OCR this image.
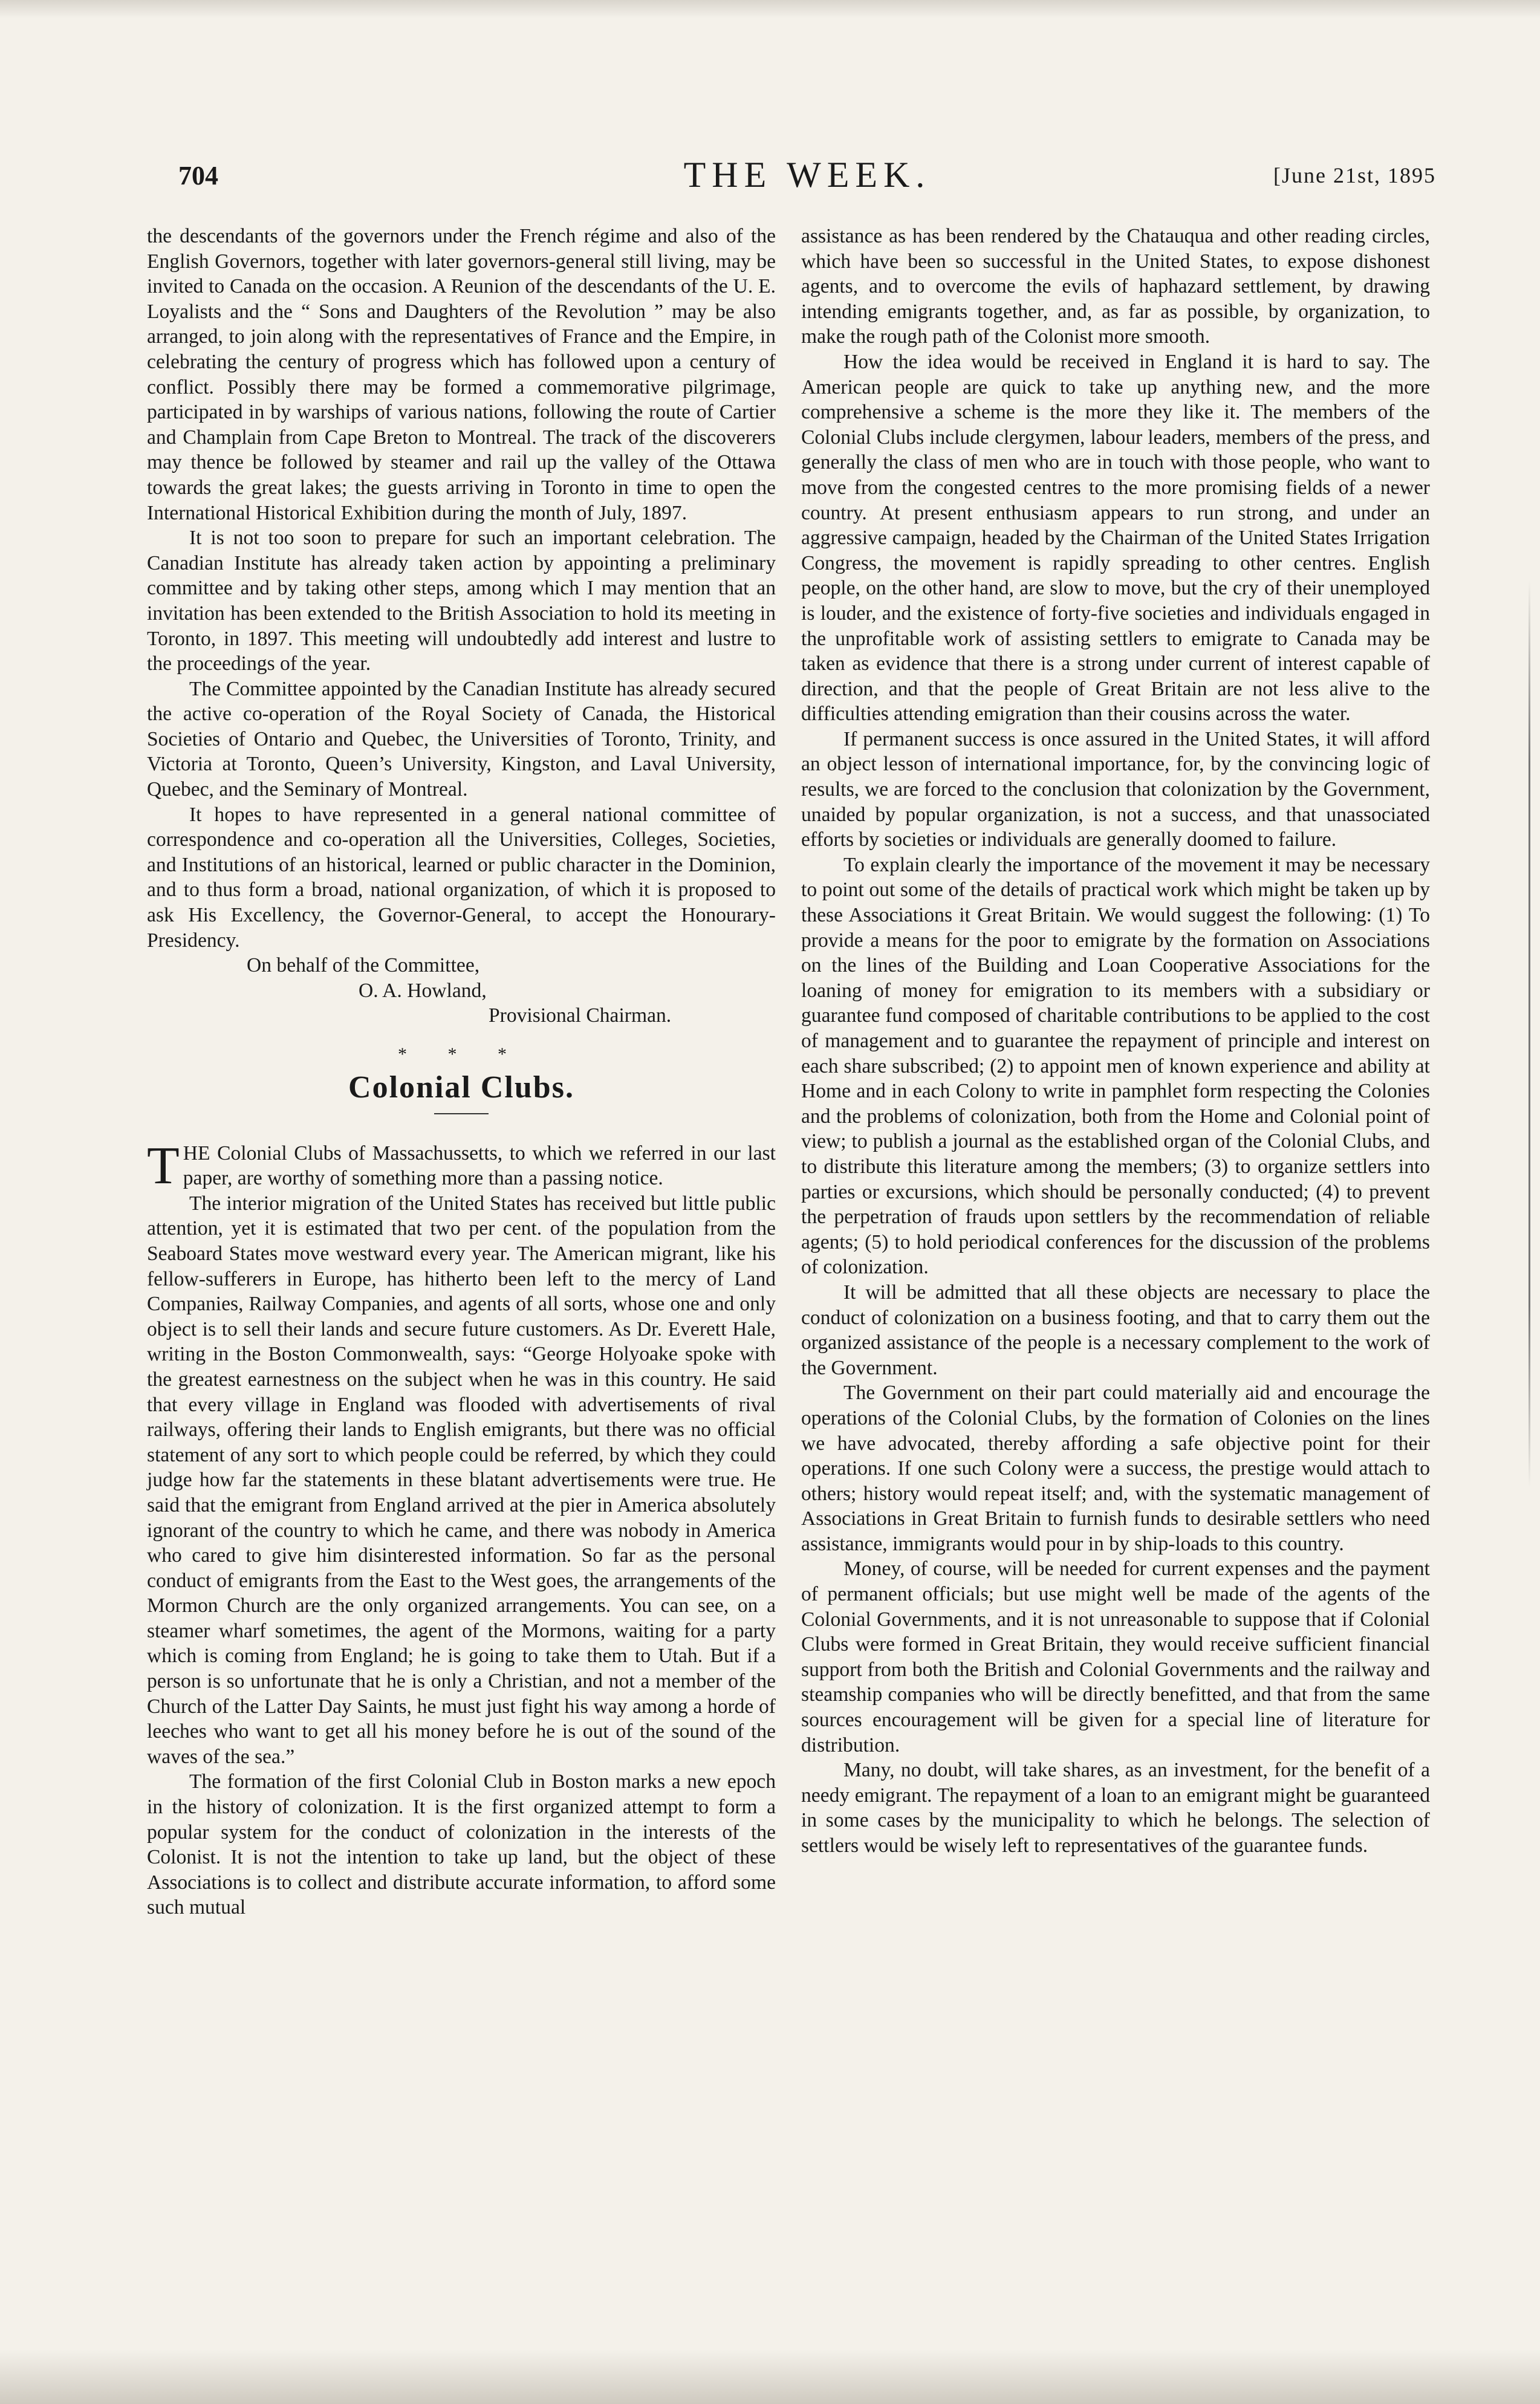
704	THE WEEK.	[June 21st, 1895

the descendants of the governors under the French régime and also of the English Governors, together with later governors-general still living, may be invited to Canada on the occasion. A Reunion of the descendants of the U. E. Loyalists and the “ Sons and Daughters of the Revolution ” may be also arranged, to join along with the representatives of France and the Empire, in celebrating the century of progress which has followed upon a century of conflict. Possibly there may be formed a commemorative pilgrimage, participated in by warships of various nations, following the route of Cartier and Champlain from Cape Breton to Montreal. The track of the discoverers may thence be followed by steamer and rail up the valley of the Ottawa towards the great lakes; the guests arriving in Toronto in time to open the International Historical Exhibition during the month of July, 1897.

It is not too soon to prepare for such an important celebration. The Canadian Institute has already taken action by appointing a preliminary committee and by taking other steps, among which I may mention that an invitation has been extended to the British Association to hold its meeting in Toronto, in 1897. This meeting will undoubtedly add interest and lustre to the proceedings of the year.

The Committee appointed by the Canadian Institute has already secured the active co-operation of the Royal Society of Canada, the Historical Societies of Ontario and Quebec, the Universities of Toronto, Trinity, and Victoria at Toronto, Queen’s University, Kingston, and Laval University, Quebec, and the Seminary of Montreal.

It hopes to have represented in a general national committee of correspondence and co-operation all the Universities, Colleges, Societies, and Institutions of an historical, learned or public character in the Dominion, and to thus form a broad, national organization, of which it is proposed to ask His Excellency, the Governor-General, to accept the Honourary-Presidency.

On behalf of the Committee,
O. A. Howland,
Provisional Chairman.
* * *
Colonial Clubs.

THE Colonial Clubs of Massachussetts, to which we referred in our last paper, are worthy of something more than a passing notice.

The interior migration of the United States has received but little public attention, yet it is estimated that two per cent. of the population from the Seaboard States move westward every year. The American migrant, like his fellow-sufferers in Europe, has hitherto been left to the mercy of Land Companies, Railway Companies, and agents of all sorts, whose one and only object is to sell their lands and secure future customers. As Dr. Everett Hale, writing in the Boston Commonwealth, says: “George Holyoake spoke with the greatest earnestness on the subject when he was in this country. He said that every village in England was flooded with advertisements of rival railways, offering their lands to English emigrants, but there was no official statement of any sort to which people could be referred, by which they could judge how far the statements in these blatant advertisements were true. He said that the emigrant from England arrived at the pier in America absolutely ignorant of the country to which he came, and there was nobody in America who cared to give him disinterested information. So far as the personal conduct of emigrants from the East to the West goes, the arrangements of the Mormon Church are the only organized arrangements. You can see, on a steamer wharf sometimes, the agent of the Mormons, waiting for a party which is coming from England; he is going to take them to Utah. But if a person is so unfortunate that he is only a Christian, and not a member of the Church of the Latter Day Saints, he must just fight his way among a horde of leeches who want to get all his money before he is out of the sound of the waves of the sea.”

The formation of the first Colonial Club in Boston marks a new epoch in the history of colonization. It is the first organized attempt to form a popular system for the conduct of colonization in the interests of the Colonist. It is not the intention to take up land, but the object of these Associations is to collect and distribute accurate information, to afford some such mutual

assistance as has been rendered by the Chatauqua and other reading circles, which have been so successful in the United States, to expose dishonest agents, and to overcome the evils of haphazard settlement, by drawing intending emigrants together, and, as far as possible, by organization, to make the rough path of the Colonist more smooth.

How the idea would be received in England it is hard to say. The American people are quick to take up anything new, and the more comprehensive a scheme is the more they like it. The members of the Colonial Clubs include clergymen, labour leaders, members of the press, and generally the class of men who are in touch with those people, who want to move from the congested centres to the more promising fields of a newer country. At present enthusiasm appears to run strong, and under an aggressive campaign, headed by the Chairman of the United States Irrigation Congress, the movement is rapidly spreading to other centres. English people, on the other hand, are slow to move, but the cry of their unemployed is louder, and the existence of forty-five societies and individuals engaged in the unprofitable work of assisting settlers to emigrate to Canada may be taken as evidence that there is a strong under current of interest capable of direction, and that the people of Great Britain are not less alive to the difficulties attending emigration than their cousins across the water.

If permanent success is once assured in the United States, it will afford an object lesson of international importance, for, by the convincing logic of results, we are forced to the conclusion that colonization by the Government, unaided by popular organization, is not a success, and that unassociated efforts by societies or individuals are generally doomed to failure.

To explain clearly the importance of the movement it may be necessary to point out some of the details of practical work which might be taken up by these Associations it Great Britain. We would suggest the following: (1) To provide a means for the poor to emigrate by the formation on Associations on the lines of the Building and Loan Cooperative Associations for the loaning of money for emigration to its members with a subsidiary or guarantee fund composed of charitable contributions to be applied to the cost of management and to guarantee the repayment of principle and interest on each share subscribed; (2) to appoint men of known experience and ability at Home and in each Colony to write in pamphlet form respecting the Colonies and the problems of colonization, both from the Home and Colonial point of view; to publish a journal as the established organ of the Colonial Clubs, and to distribute this literature among the members; (3) to organize settlers into parties or excursions, which should be personally conducted; (4) to prevent the perpetration of frauds upon settlers by the recommendation of reliable agents; (5) to hold periodical conferences for the discussion of the problems of colonization.

It will be admitted that all these objects are necessary to place the conduct of colonization on a business footing, and that to carry them out the organized assistance of the people is a necessary complement to the work of the Government.

The Government on their part could materially aid and encourage the operations of the Colonial Clubs, by the formation of Colonies on the lines we have advocated, thereby affording a safe objective point for their operations. If one such Colony were a success, the prestige would attach to others; history would repeat itself; and, with the systematic management of Associations in Great Britain to furnish funds to desirable settlers who need assistance, immigrants would pour in by ship-loads to this country.

Money, of course, will be needed for current expenses and the payment of permanent officials; but use might well be made of the agents of the Colonial Governments, and it is not unreasonable to suppose that if Colonial Clubs were formed in Great Britain, they would receive sufficient financial support from both the British and Colonial Governments and the railway and steamship companies who will be directly benefitted, and that from the same sources encouragement will be given for a special line of literature for distribution.

Many, no doubt, will take shares, as an investment, for the benefit of a needy emigrant. The repayment of a loan to an emigrant might be guaranteed in some cases by the municipality to which he belongs. The selection of settlers would be wisely left to representatives of the guarantee funds.
